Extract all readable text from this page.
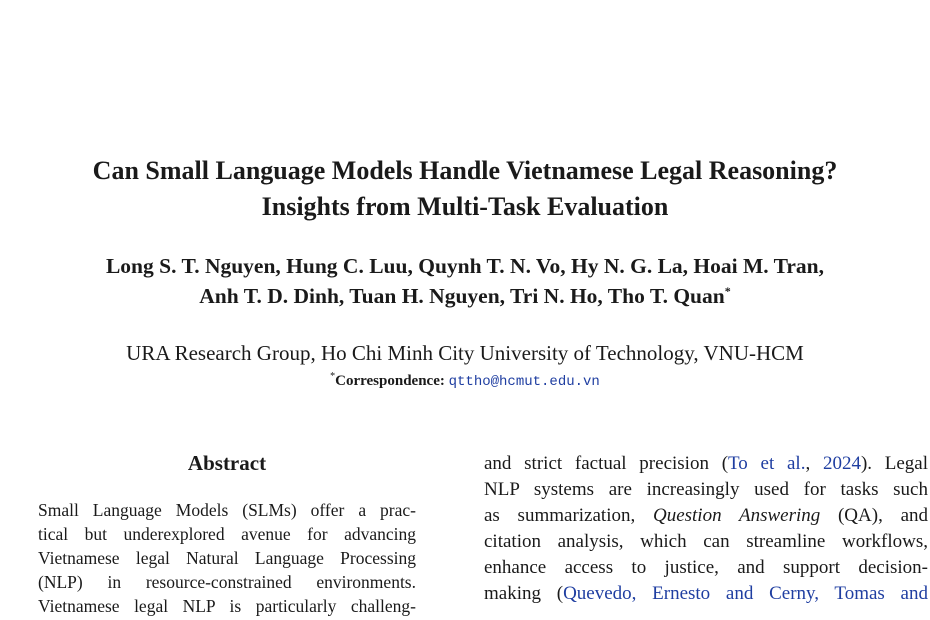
Can Small Language Models Handle Vietnamese Legal Reasoning?
Insights from Multi-Task Evaluation
Long S. T. Nguyen, Hung C. Luu, Quynh T. N. Vo, Hy N. G. La, Hoai M. Tran,
Anh T. D. Dinh, Tuan H. Nguyen, Tri N. Ho, Tho T. Quan*
URA Research Group, Ho Chi Minh City University of Technology, VNU-HCM
*Correspondence: qttho@hcmut.edu.vn
Abstract
Small Language Models (SLMs) offer a prac-
tical but underexplored avenue for advancing
Vietnamese legal Natural Language Processing
(NLP) in resource-constrained environments.
Vietnamese legal NLP is particularly challeng-
and strict factual precision (To et al., 2024). Legal
NLP systems are increasingly used for tasks such
as summarization, Question Answering (QA), and
citation analysis, which can streamline workflows,
enhance access to justice, and support decision-
making (Quevedo, Ernesto and Cerny, Tomas and
